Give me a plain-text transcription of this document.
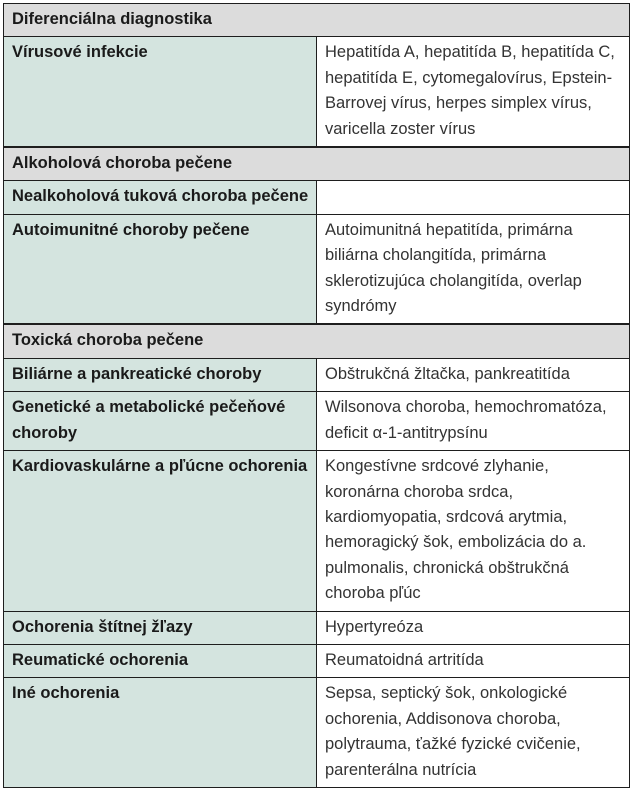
Diferenciálna diagnostika	
Vírusové infekcie	Hepatitída A, hepatitída B, hepatitída C, hepatitída E, cytomegalovírus, Epstein-Barrovej vírus, herpes simplex vírus, varicella zoster vírus
Alkoholová choroba pečene	
Nealkoholová tuková choroba pečene	
Autoimunitné choroby pečene	Autoimunitná hepatitída, primárna biliárna cholangitída, primárna sklerotizujúca cholangitída, overlap syndrómy
Toxická choroba pečene	
Biliárne a pankreatické choroby	Obštrukčná žltačka, pankreatitída
Genetické a metabolické pečeňové choroby	Wilsonova choroba, hemochromatóza, deficit α-1-antitrypsínu
Kardiovaskulárne a pľúcne ochorenia	Kongestívne srdcové zlyhanie, koronárna choroba srdca, kardiomyopatia, srdcová arytmia, hemoragický šok, embolizácia do a. pulmonalis, chronická obštrukčná choroba pľúc
Ochorenia štítnej žľazy	Hypertyreóza
Reumatické ochorenia	Reumatoidná artritída
Iné ochorenia	Sepsa, septický šok, onkologické ochorenia, Addisonova choroba, polytrauma, ťažké fyzické cvičenie, parenterálna nutrícia
